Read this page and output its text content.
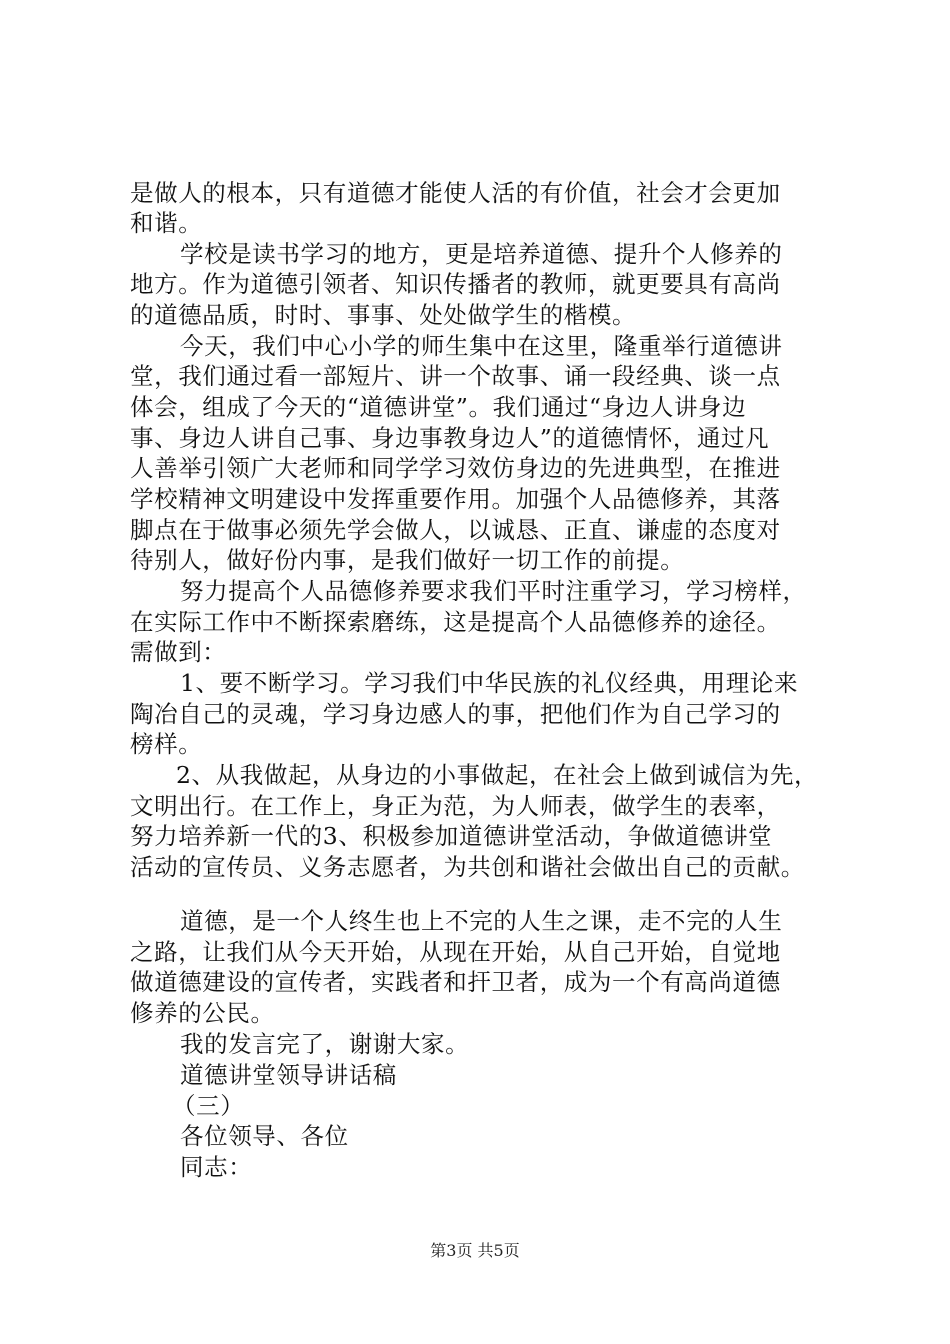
是做人的根本，只有道德才能使人活的有价值，社会才会更加
和谐。
学校是读书学习的地方，更是培养道德、提升个人修养的
地方。作为道德引领者、知识传播者的教师，就更要具有高尚
的道德品质，时时、事事、处处做学生的楷模。
今天，我们中心小学的师生集中在这里，隆重举行道德讲
堂，我们通过看一部短片、讲一个故事、诵一段经典、谈一点
体会，组成了今天的“道德讲堂”。我们通过“身边人讲身边
事、身边人讲自己事、身边事教身边人”的道德情怀，通过凡
人善举引领广大老师和同学学习效仿身边的先进典型，在推进
学校精神文明建设中发挥重要作用。加强个人品德修养，其落
脚点在于做事必须先学会做人，以诚恳、正直、谦虚的态度对
待别人，做好份内事，是我们做好一切工作的前提。
努力提高个人品德修养要求我们平时注重学习，学习榜样，
在实际工作中不断探索磨练，这是提高个人品德修养的途径。
需做到：
1、要不断学习。学习我们中华民族的礼仪经典，用理论来
陶冶自己的灵魂，学习身边感人的事，把他们作为自己学习的
榜样。
2、从我做起，从身边的小事做起，在社会上做到诚信为先，
文明出行。在工作上，身正为范，为人师表，做学生的表率，
努力培养新一代的3、积极参加道德讲堂活动，争做道德讲堂
活动的宣传员、义务志愿者，为共创和谐社会做出自己的贡献。
道德，是一个人终生也上不完的人生之课，走不完的人生
之路，让我们从今天开始，从现在开始，从自己开始，自觉地
做道德建设的宣传者，实践者和扞卫者，成为一个有高尚道德
修养的公民。
我的发言完了，谢谢大家。
道德讲堂领导讲话稿
（三）
各位领导、各位
同志：
第3页 共5页
